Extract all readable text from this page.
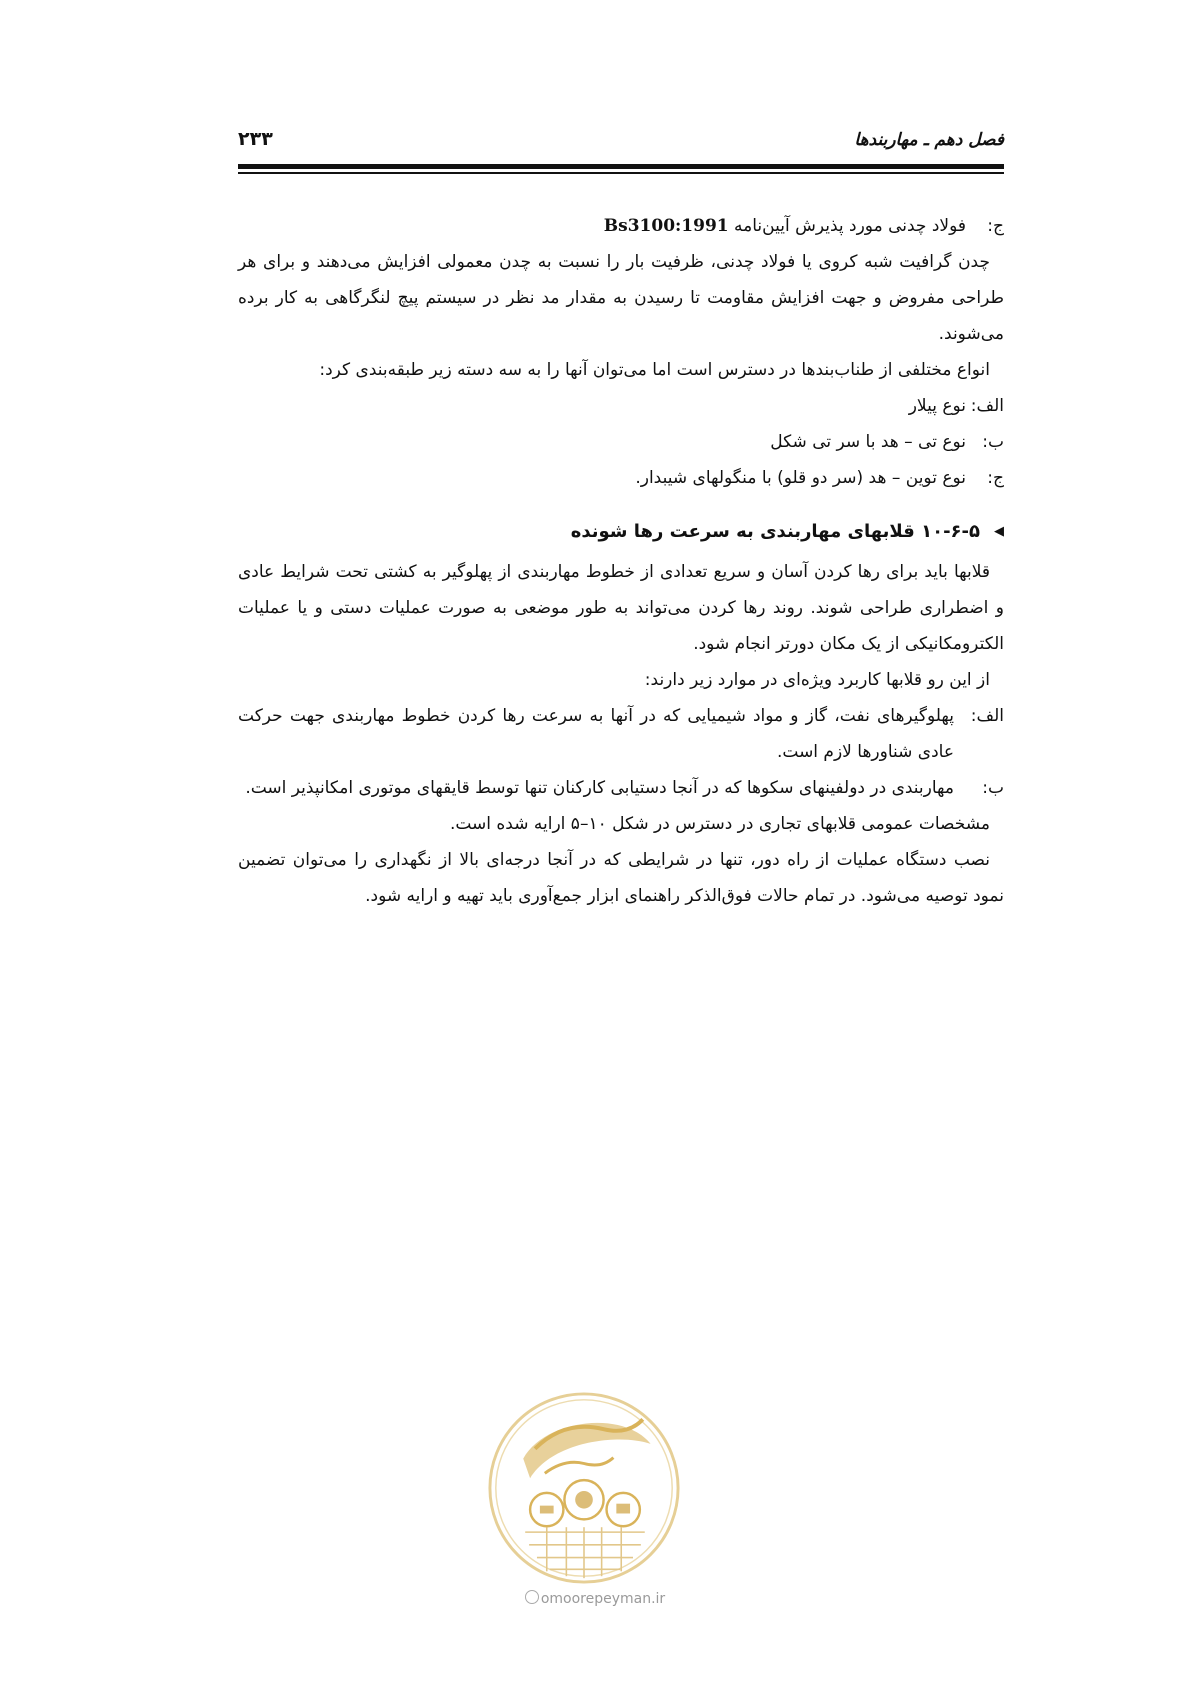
فصل دهم ـ مهاربندها
۲۳۳

ج:
فولاد چدنی مورد پذیرش آیین‌نامه Bs3100:1991

چدن گرافیت شبه کروی یا فولاد چدنی، ظرفیت بار را نسبت به چدن معمولی افزایش می‌دهند و برای هر طراحی مفروض و جهت افزایش مقاومت تا رسیدن به مقدار مد نظر در سیستم پیچ لنگرگاهی به کار برده می‌شوند.

انواع مختلفی از طناب‌بندها در دسترس است اما می‌توان آنها را به سه دسته زیر طبقه‌بندی کرد:

الف:
نوع پیلار

ب:
نوع تی – هد با سر تی شکل

ج:
نوع توین – هد (سر دو قلو) با منگولهای شیبدار.

◀
۱۰-۶-۵ قلابهای مهاربندی به سرعت رها شونده

قلابها باید برای رها کردن آسان و سریع تعدادی از خطوط مهاربندی از پهلوگیر به کشتی تحت شرایط عادی و اضطراری طراحی شوند. روند رها کردن می‌تواند به طور موضعی به صورت عملیات دستی و یا عملیات الکترومکانیکی از یک مکان دورتر انجام شود.

از این رو قلابها کاربرد ویژه‌ای در موارد زیر دارند:

الف:
پهلوگیرهای نفت، گاز و مواد شیمیایی که در آنها به سرعت رها کردن خطوط مهاربندی جهت حرکت عادی شناورها لازم است.

ب:
مهاربندی در دولفینهای سکوها که در آنجا دستیابی کارکنان تنها توسط قایقهای موتوری امکانپذیر است.

مشخصات عمومی قلابهای تجاری در دسترس در شکل ۱۰–۵ ارایه شده است.

نصب دستگاه عملیات از راه دور، تنها در شرایطی که در آنجا درجه‌ای بالا از نگهداری را می‌توان تضمین نمود توصیه می‌شود. در تمام حالات فوق‌الذکر راهنمای ابزار جمع‌آوری باید تهیه و ارایه شود.

omoorepeyman.ir
